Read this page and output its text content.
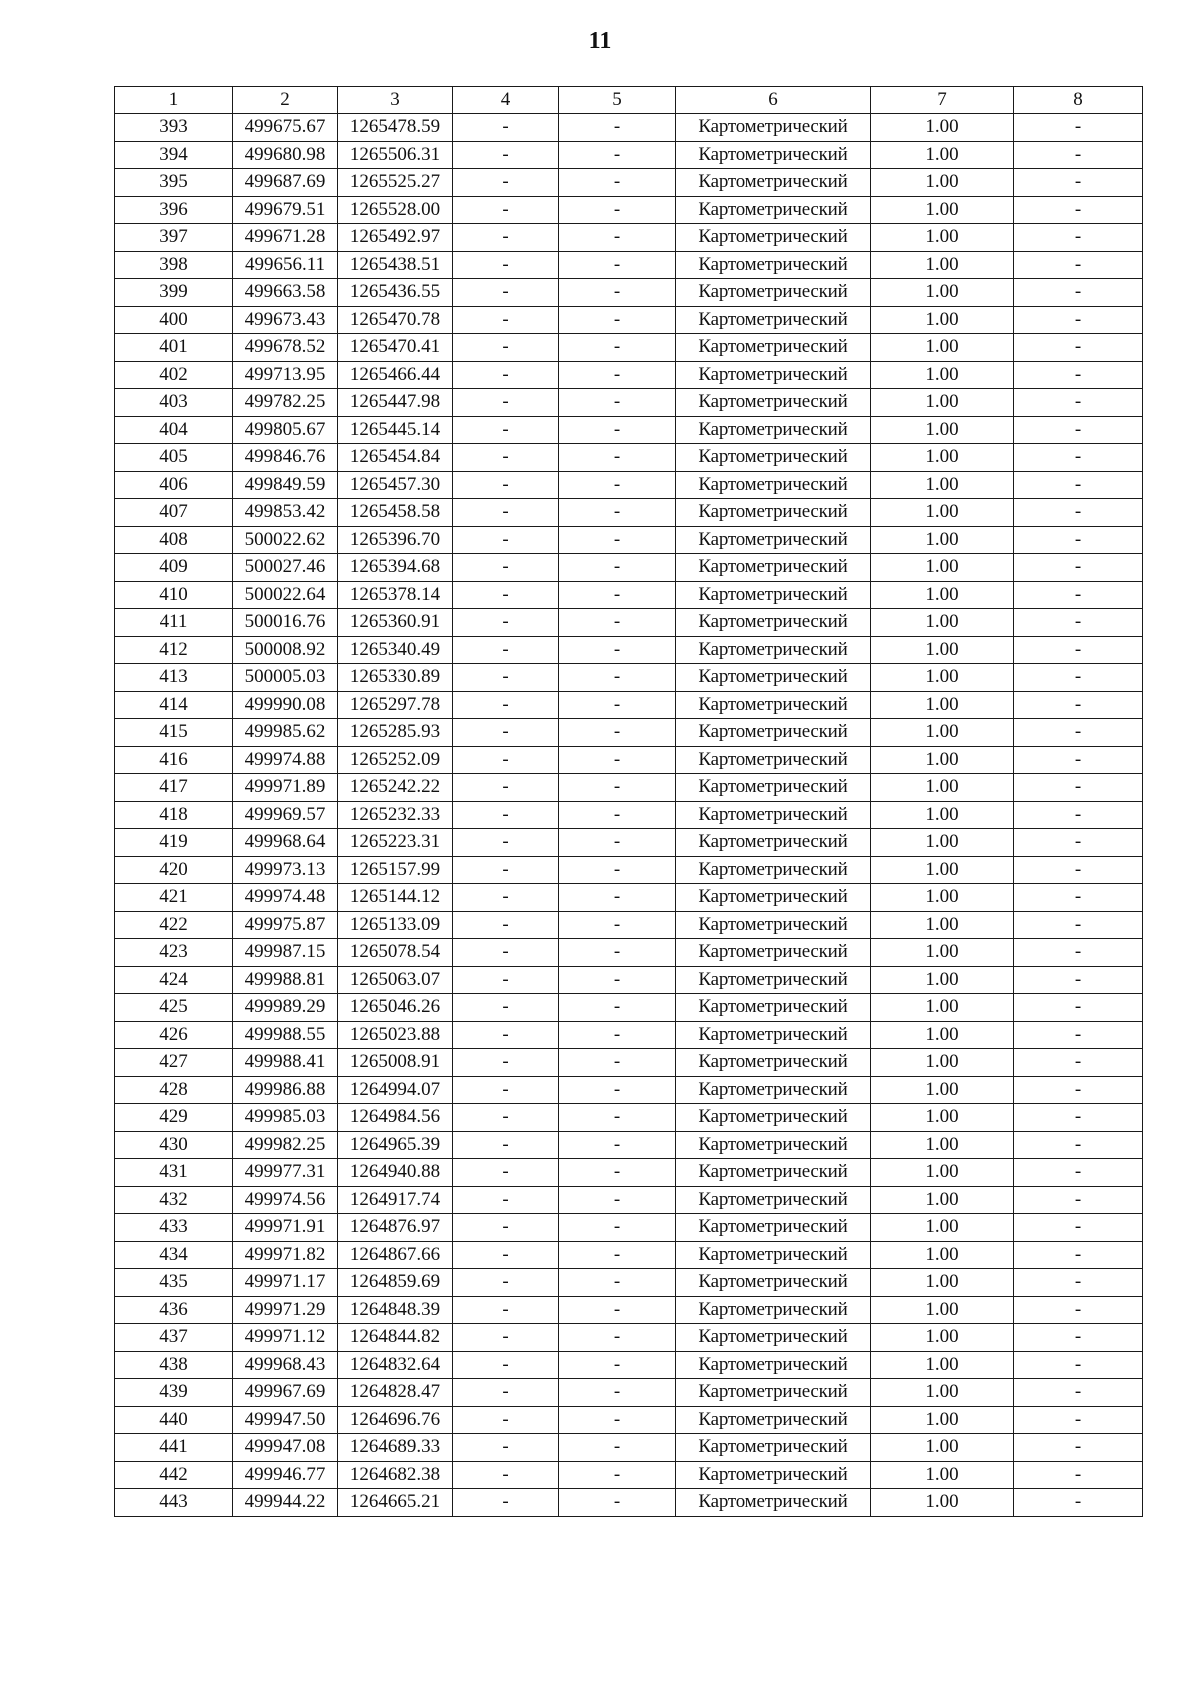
11
1	2	3	4	5	6	7	8
393	499675.67	1265478.59	-	-	Картометрический	1.00	-
394	499680.98	1265506.31	-	-	Картометрический	1.00	-
395	499687.69	1265525.27	-	-	Картометрический	1.00	-
396	499679.51	1265528.00	-	-	Картометрический	1.00	-
397	499671.28	1265492.97	-	-	Картометрический	1.00	-
398	499656.11	1265438.51	-	-	Картометрический	1.00	-
399	499663.58	1265436.55	-	-	Картометрический	1.00	-
400	499673.43	1265470.78	-	-	Картометрический	1.00	-
401	499678.52	1265470.41	-	-	Картометрический	1.00	-
402	499713.95	1265466.44	-	-	Картометрический	1.00	-
403	499782.25	1265447.98	-	-	Картометрический	1.00	-
404	499805.67	1265445.14	-	-	Картометрический	1.00	-
405	499846.76	1265454.84	-	-	Картометрический	1.00	-
406	499849.59	1265457.30	-	-	Картометрический	1.00	-
407	499853.42	1265458.58	-	-	Картометрический	1.00	-
408	500022.62	1265396.70	-	-	Картометрический	1.00	-
409	500027.46	1265394.68	-	-	Картометрический	1.00	-
410	500022.64	1265378.14	-	-	Картометрический	1.00	-
411	500016.76	1265360.91	-	-	Картометрический	1.00	-
412	500008.92	1265340.49	-	-	Картометрический	1.00	-
413	500005.03	1265330.89	-	-	Картометрический	1.00	-
414	499990.08	1265297.78	-	-	Картометрический	1.00	-
415	499985.62	1265285.93	-	-	Картометрический	1.00	-
416	499974.88	1265252.09	-	-	Картометрический	1.00	-
417	499971.89	1265242.22	-	-	Картометрический	1.00	-
418	499969.57	1265232.33	-	-	Картометрический	1.00	-
419	499968.64	1265223.31	-	-	Картометрический	1.00	-
420	499973.13	1265157.99	-	-	Картометрический	1.00	-
421	499974.48	1265144.12	-	-	Картометрический	1.00	-
422	499975.87	1265133.09	-	-	Картометрический	1.00	-
423	499987.15	1265078.54	-	-	Картометрический	1.00	-
424	499988.81	1265063.07	-	-	Картометрический	1.00	-
425	499989.29	1265046.26	-	-	Картометрический	1.00	-
426	499988.55	1265023.88	-	-	Картометрический	1.00	-
427	499988.41	1265008.91	-	-	Картометрический	1.00	-
428	499986.88	1264994.07	-	-	Картометрический	1.00	-
429	499985.03	1264984.56	-	-	Картометрический	1.00	-
430	499982.25	1264965.39	-	-	Картометрический	1.00	-
431	499977.31	1264940.88	-	-	Картометрический	1.00	-
432	499974.56	1264917.74	-	-	Картометрический	1.00	-
433	499971.91	1264876.97	-	-	Картометрический	1.00	-
434	499971.82	1264867.66	-	-	Картометрический	1.00	-
435	499971.17	1264859.69	-	-	Картометрический	1.00	-
436	499971.29	1264848.39	-	-	Картометрический	1.00	-
437	499971.12	1264844.82	-	-	Картометрический	1.00	-
438	499968.43	1264832.64	-	-	Картометрический	1.00	-
439	499967.69	1264828.47	-	-	Картометрический	1.00	-
440	499947.50	1264696.76	-	-	Картометрический	1.00	-
441	499947.08	1264689.33	-	-	Картометрический	1.00	-
442	499946.77	1264682.38	-	-	Картометрический	1.00	-
443	499944.22	1264665.21	-	-	Картометрический	1.00	-
